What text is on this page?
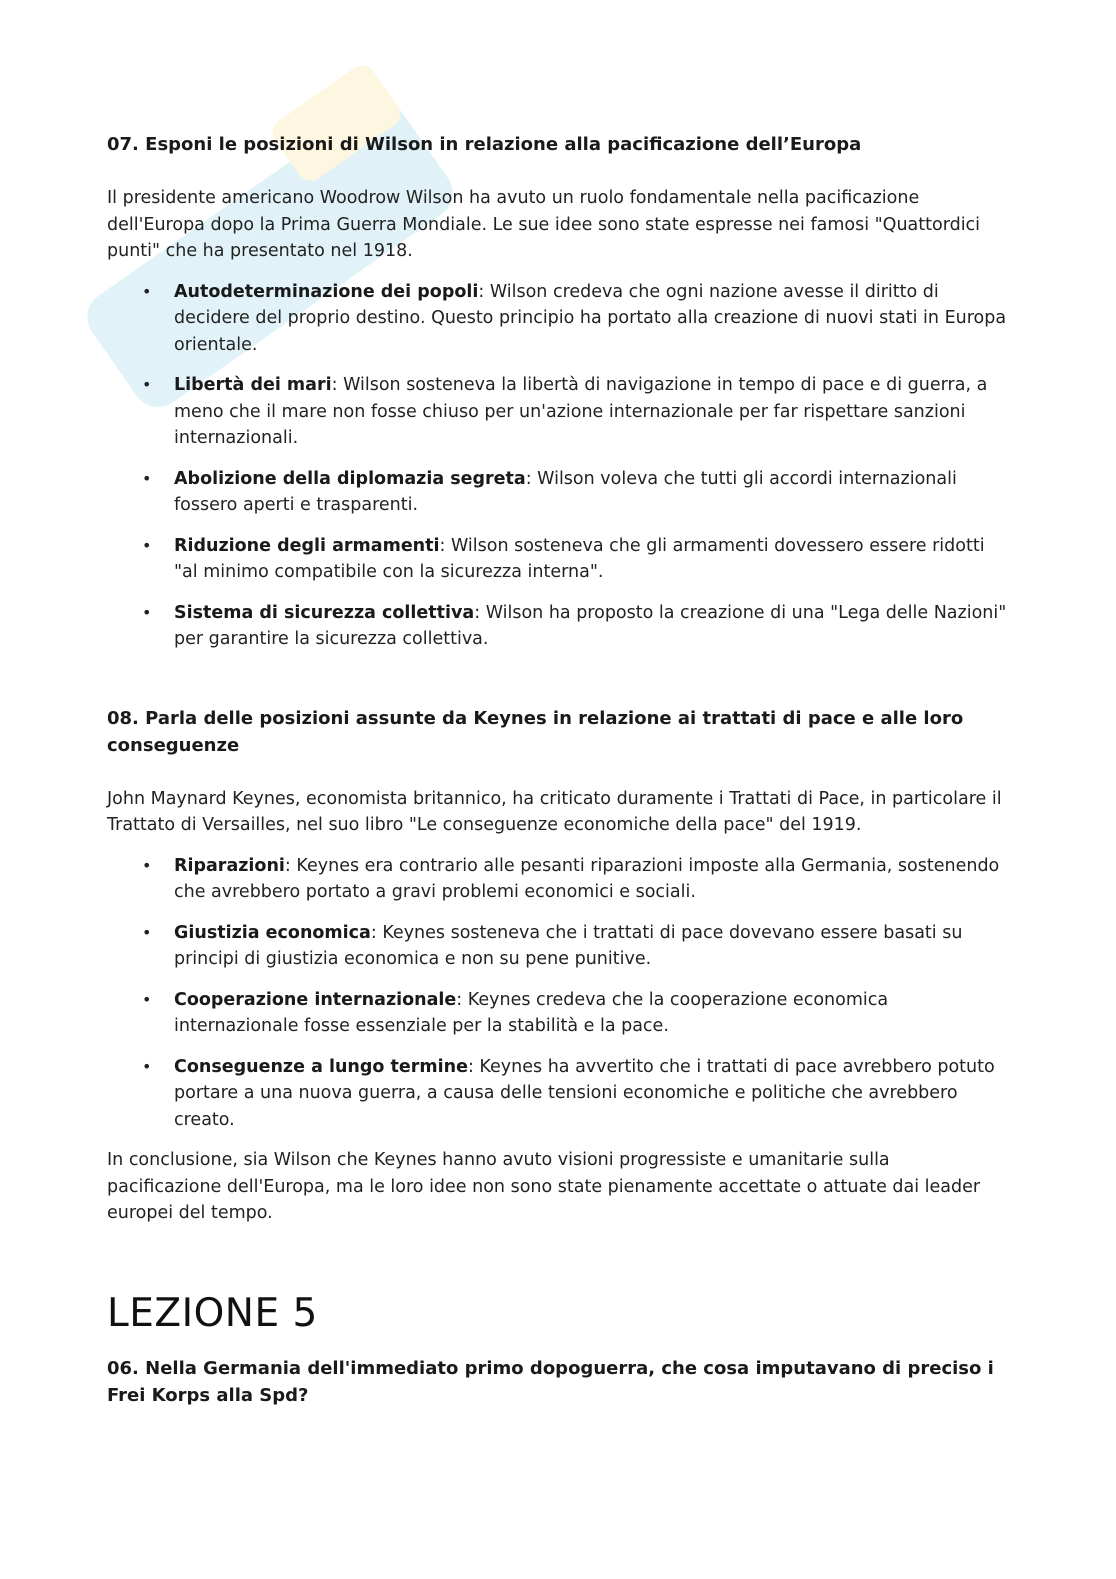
07. Esponi le posizioni di Wilson in relazione alla pacificazione dell’Europa

Il presidente americano Woodrow Wilson ha avuto un ruolo fondamentale nella pacificazione dell'Europa dopo la Prima Guerra Mondiale. Le sue idee sono state espresse nei famosi "Quattordici punti" che ha presentato nel 1918.

• Autodeterminazione dei popoli: Wilson credeva che ogni nazione avesse il diritto di decidere del proprio destino. Questo principio ha portato alla creazione di nuovi stati in Europa orientale.
• Libertà dei mari: Wilson sosteneva la libertà di navigazione in tempo di pace e di guerra, a meno che il mare non fosse chiuso per un'azione internazionale per far rispettare sanzioni internazionali.
• Abolizione della diplomazia segreta: Wilson voleva che tutti gli accordi internazionali fossero aperti e trasparenti.
• Riduzione degli armamenti: Wilson sosteneva che gli armamenti dovessero essere ridotti "al minimo compatibile con la sicurezza interna".
• Sistema di sicurezza collettiva: Wilson ha proposto la creazione di una "Lega delle Nazioni" per garantire la sicurezza collettiva.
08. Parla delle posizioni assunte da Keynes in relazione ai trattati di pace e alle loro conseguenze

John Maynard Keynes, economista britannico, ha criticato duramente i Trattati di Pace, in particolare il Trattato di Versailles, nel suo libro "Le conseguenze economiche della pace" del 1919.

• Riparazioni: Keynes era contrario alle pesanti riparazioni imposte alla Germania, sostenendo che avrebbero portato a gravi problemi economici e sociali.
• Giustizia economica: Keynes sosteneva che i trattati di pace dovevano essere basati su principi di giustizia economica e non su pene punitive.
• Cooperazione internazionale: Keynes credeva che la cooperazione economica internazionale fosse essenziale per la stabilità e la pace.
• Conseguenze a lungo termine: Keynes ha avvertito che i trattati di pace avrebbero potuto portare a una nuova guerra, a causa delle tensioni economiche e politiche che avrebbero creato.

In conclusione, sia Wilson che Keynes hanno avuto visioni progressiste e umanitarie sulla pacificazione dell'Europa, ma le loro idee non sono state pienamente accettate o attuate dai leader europei del tempo.

LEZIONE 5
06. Nella Germania dell'immediato primo dopoguerra, che cosa imputavano di preciso i Frei Korps alla Spd?
